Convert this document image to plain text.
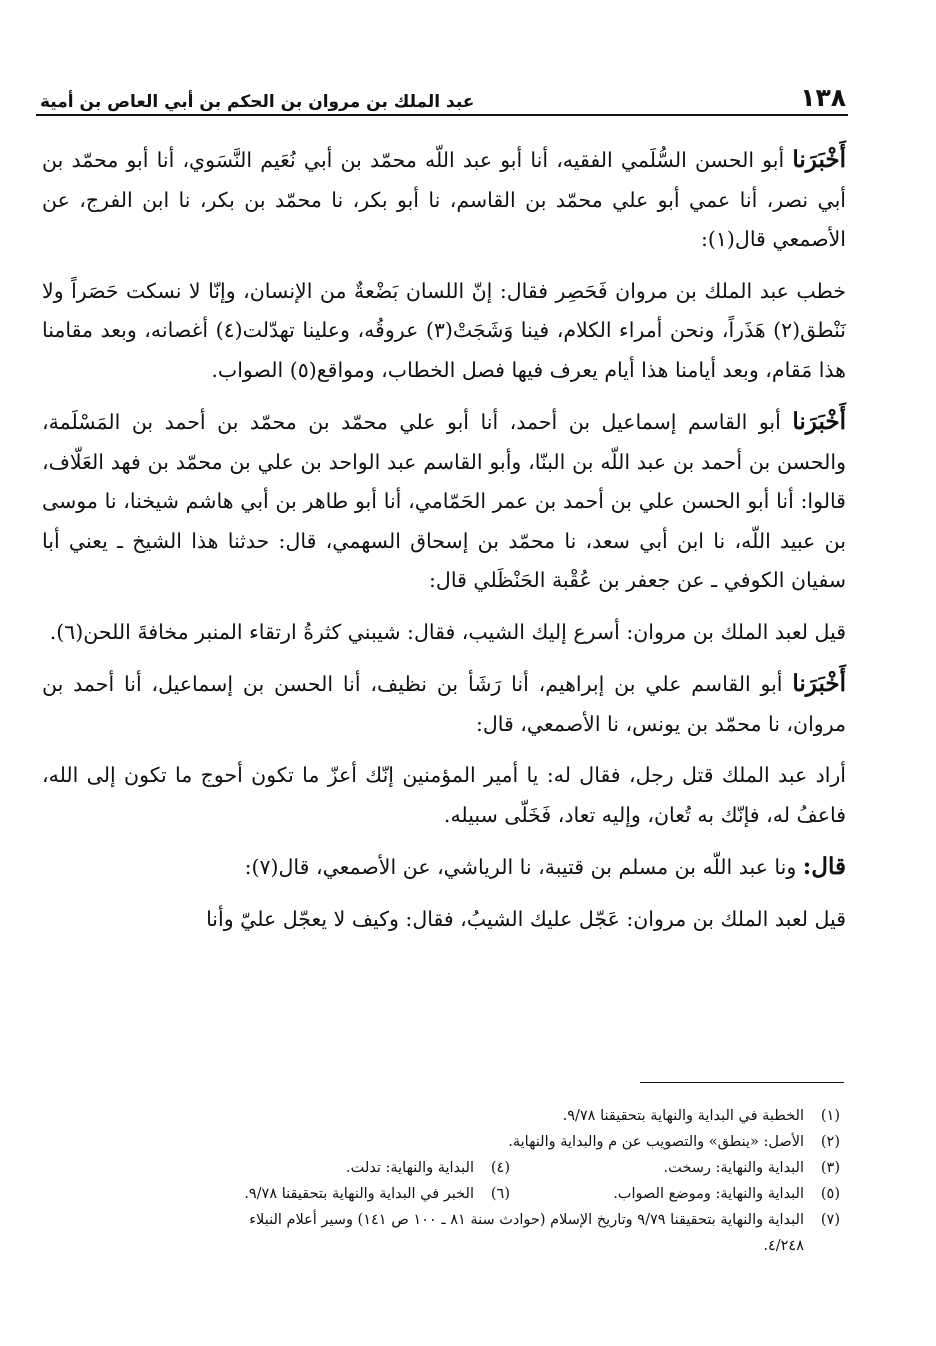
١٣٨
عبد الملك بن مروان بن الحكم بن أبي العاص بن أمية

أَخْبَرَنا أبو الحسن السُّلَمي الفقيه، أنا أبو عبد اللّه محمّد بن أبي نُعَيم النَّسَوي، أنا أبو محمّد بن أبي نصر، أنا عمي أبو علي محمّد بن القاسم، نا أبو بكر، نا محمّد بن بكر، نا ابن الفرج، عن الأصمعي قال(١):

خطب عبد الملك بن مروان فَحَصِر فقال: إنّ اللسان بَضْعةٌ من الإنسان، وإنّا لا نسكت حَصَراً ولا نَنْطق(٢) هَذَراً، ونحن أمراء الكلام، فينا وَشَجَتْ(٣) عروقُه، وعلينا تهدّلت(٤) أغصانه، وبعد مقامنا هذا مَقام، وبعد أيامنا هذا أيام يعرف فيها فصل الخطاب، ومواقع(٥) الصواب.

أَخْبَرَنا أبو القاسم إسماعيل بن أحمد، أنا أبو علي محمّد بن محمّد بن أحمد بن المَسْلَمة، والحسن بن أحمد بن عبد اللّه بن البنّا، وأبو القاسم عبد الواحد بن علي بن محمّد بن فهد العَلّاف، قالوا: أنا أبو الحسن علي بن أحمد بن عمر الحَمّامي، أنا أبو طاهر بن أبي هاشم شيخنا، نا موسى بن عبيد اللّه، نا ابن أبي سعد، نا محمّد بن إسحاق السهمي، قال: حدثنا هذا الشيخ ـ يعني أبا سفيان الكوفي ـ عن جعفر بن عُقْبة الحَنْظَلي قال:

قيل لعبد الملك بن مروان: أسرع إليك الشيب، فقال: شيبني كثرةُ ارتقاء المنبر مخافةَ اللحن(٦).

أَخْبَرَنا أبو القاسم علي بن إبراهيم، أنا رَشَأ بن نظيف، أنا الحسن بن إسماعيل، أنا أحمد بن مروان، نا محمّد بن يونس، نا الأصمعي، قال:

أراد عبد الملك قتل رجل، فقال له: يا أمير المؤمنين إنّك أعزّ ما تكون أحوج ما تكون إلى الله، فاعفُ له، فإنّك به تُعان، وإليه تعاد، فَخَلّى سبيله.

قال: ونا عبد اللّه بن مسلم بن قتيبة، نا الرياشي، عن الأصمعي، قال(٧):

قيل لعبد الملك بن مروان: عَجّل عليك الشيبُ، فقال: وكيف لا يعجّل عليّ وأنا

(١)
الخطبة في البداية والنهاية بتحقيقنا ٩/٧٨.
(٢)
الأصل: «ينطق» والتصويب عن م والبداية والنهاية.
(٣)البداية والنهاية: رسخت.
(٤)البداية والنهاية: تدلت.
(٥)البداية والنهاية: وموضع الصواب.
(٦)الخبر في البداية والنهاية بتحقيقنا ٩/٧٨.
(٧)
البداية والنهاية بتحقيقنا ٩/٧٩ وتاريخ الإسلام (حوادث سنة ٨١ ـ ١٠٠ ص ١٤١) وسير أعلام النبلاء
٤/٢٤٨.
